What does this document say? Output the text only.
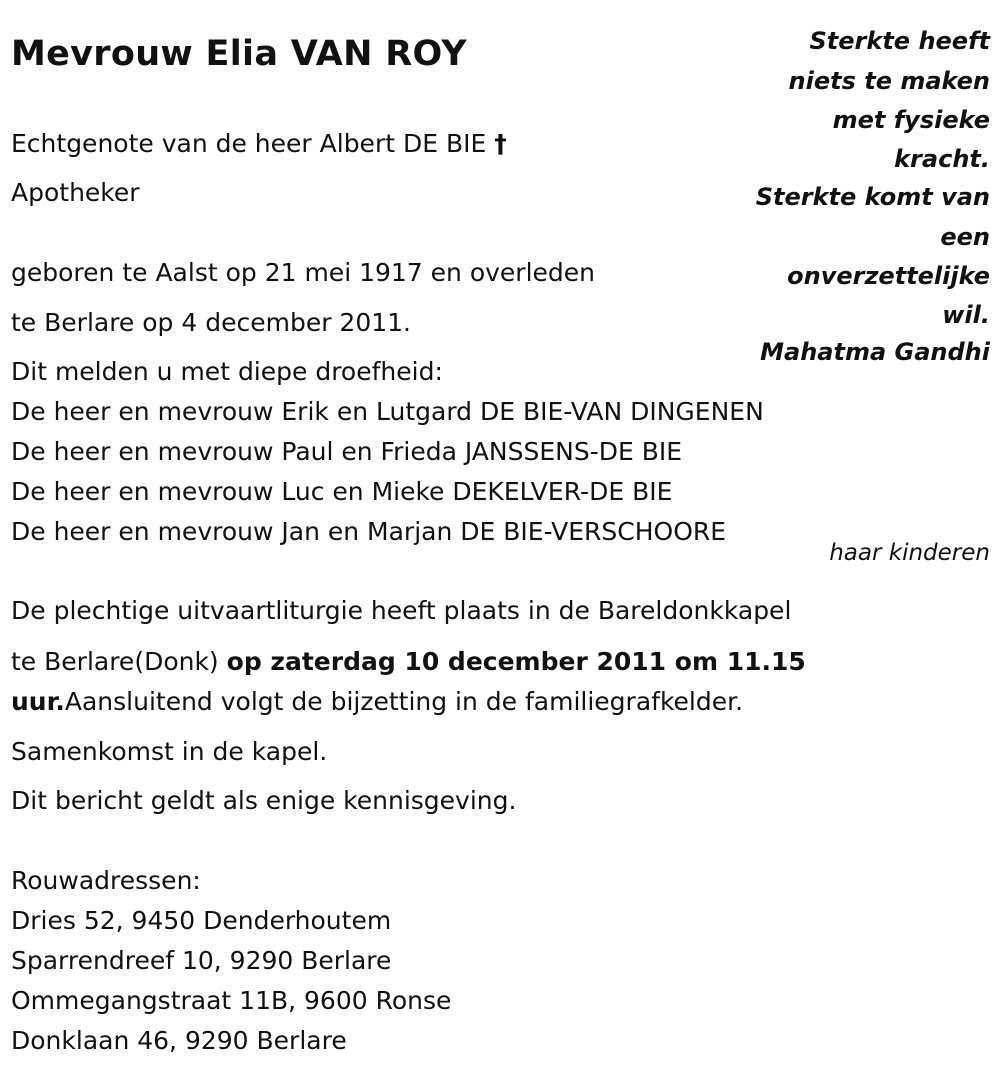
Mevrouw Elia VAN ROY
Echtgenote van de heer Albert DE BIE †
Apotheker
geboren te Aalst op 21 mei 1917 en overleden
te Berlare op 4 december 2011.
Dit melden u met diepe droefheid:
De heer en mevrouw Erik en Lutgard DE BIE-VAN DINGENEN
De heer en mevrouw Paul en Frieda JANSSENS-DE BIE
De heer en mevrouw Luc en Mieke DEKELVER-DE BIE
De heer en mevrouw Jan en Marjan DE BIE-VERSCHOORE
haar kinderen
De plechtige uitvaartliturgie heeft plaats in de Bareldonkkapel
te Berlare(Donk) op zaterdag 10 december 2011 om 11.15
uur.Aansluitend volgt de bijzetting in de familiegrafkelder.
Samenkomst in de kapel.
Dit bericht geldt als enige kennisgeving.
Rouwadressen:
Dries 52, 9450 Denderhoutem
Sparrendreef 10, 9290 Berlare
Ommegangstraat 11B, 9600 Ronse
Donklaan 46, 9290 Berlare
Sterkte heeft
niets te maken
met fysieke
kracht.
Sterkte komt van
een
onverzettelijke
wil.
Mahatma Gandhi
